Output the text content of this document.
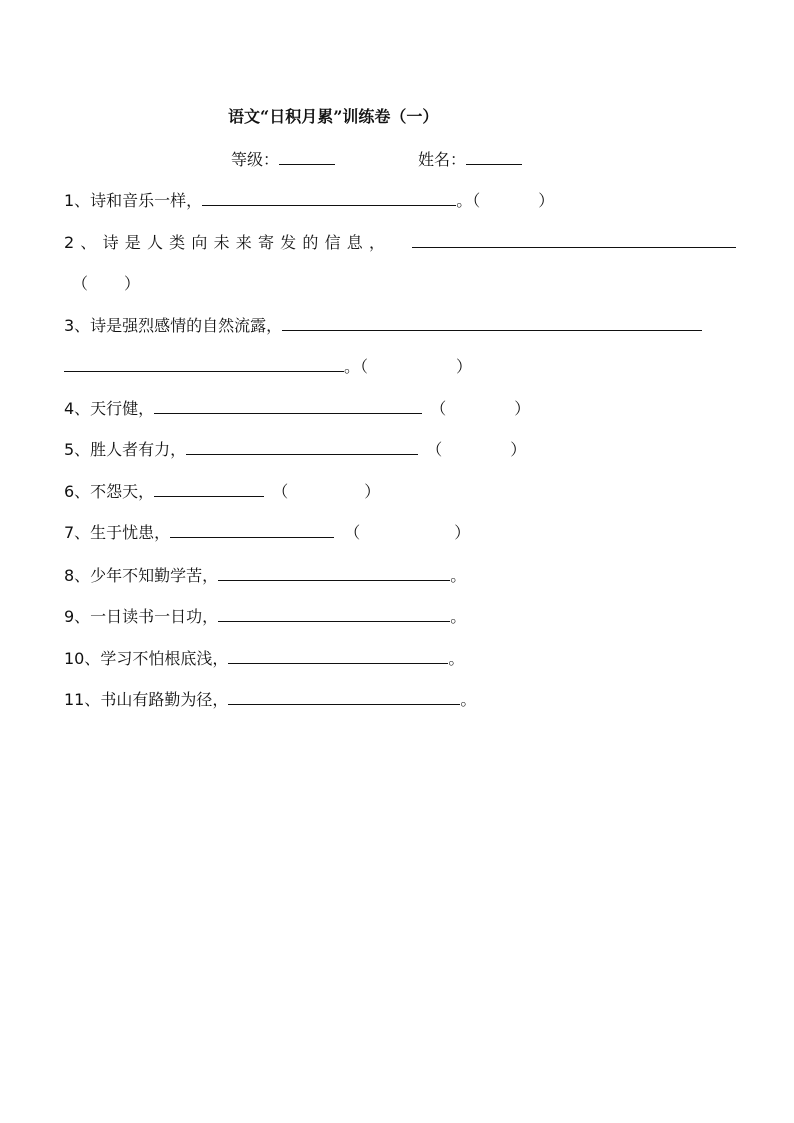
语文“日积月累”训练卷（一）
等级：	姓名：
1、诗和音乐一样，	。（	）
2、诗是人类向未来寄发的信息，
（ ）
3、诗是强烈感情的自然流露，
。（	）
4、天行健，	（	）
5、胜人者有力，	（	）
6、不怨天，	（	）
7、生于忧患，	（	）
8、少年不知勤学苦，	。
9、一日读书一日功，	。
10、学习不怕根底浅，	。
11、书山有路勤为径，	。
